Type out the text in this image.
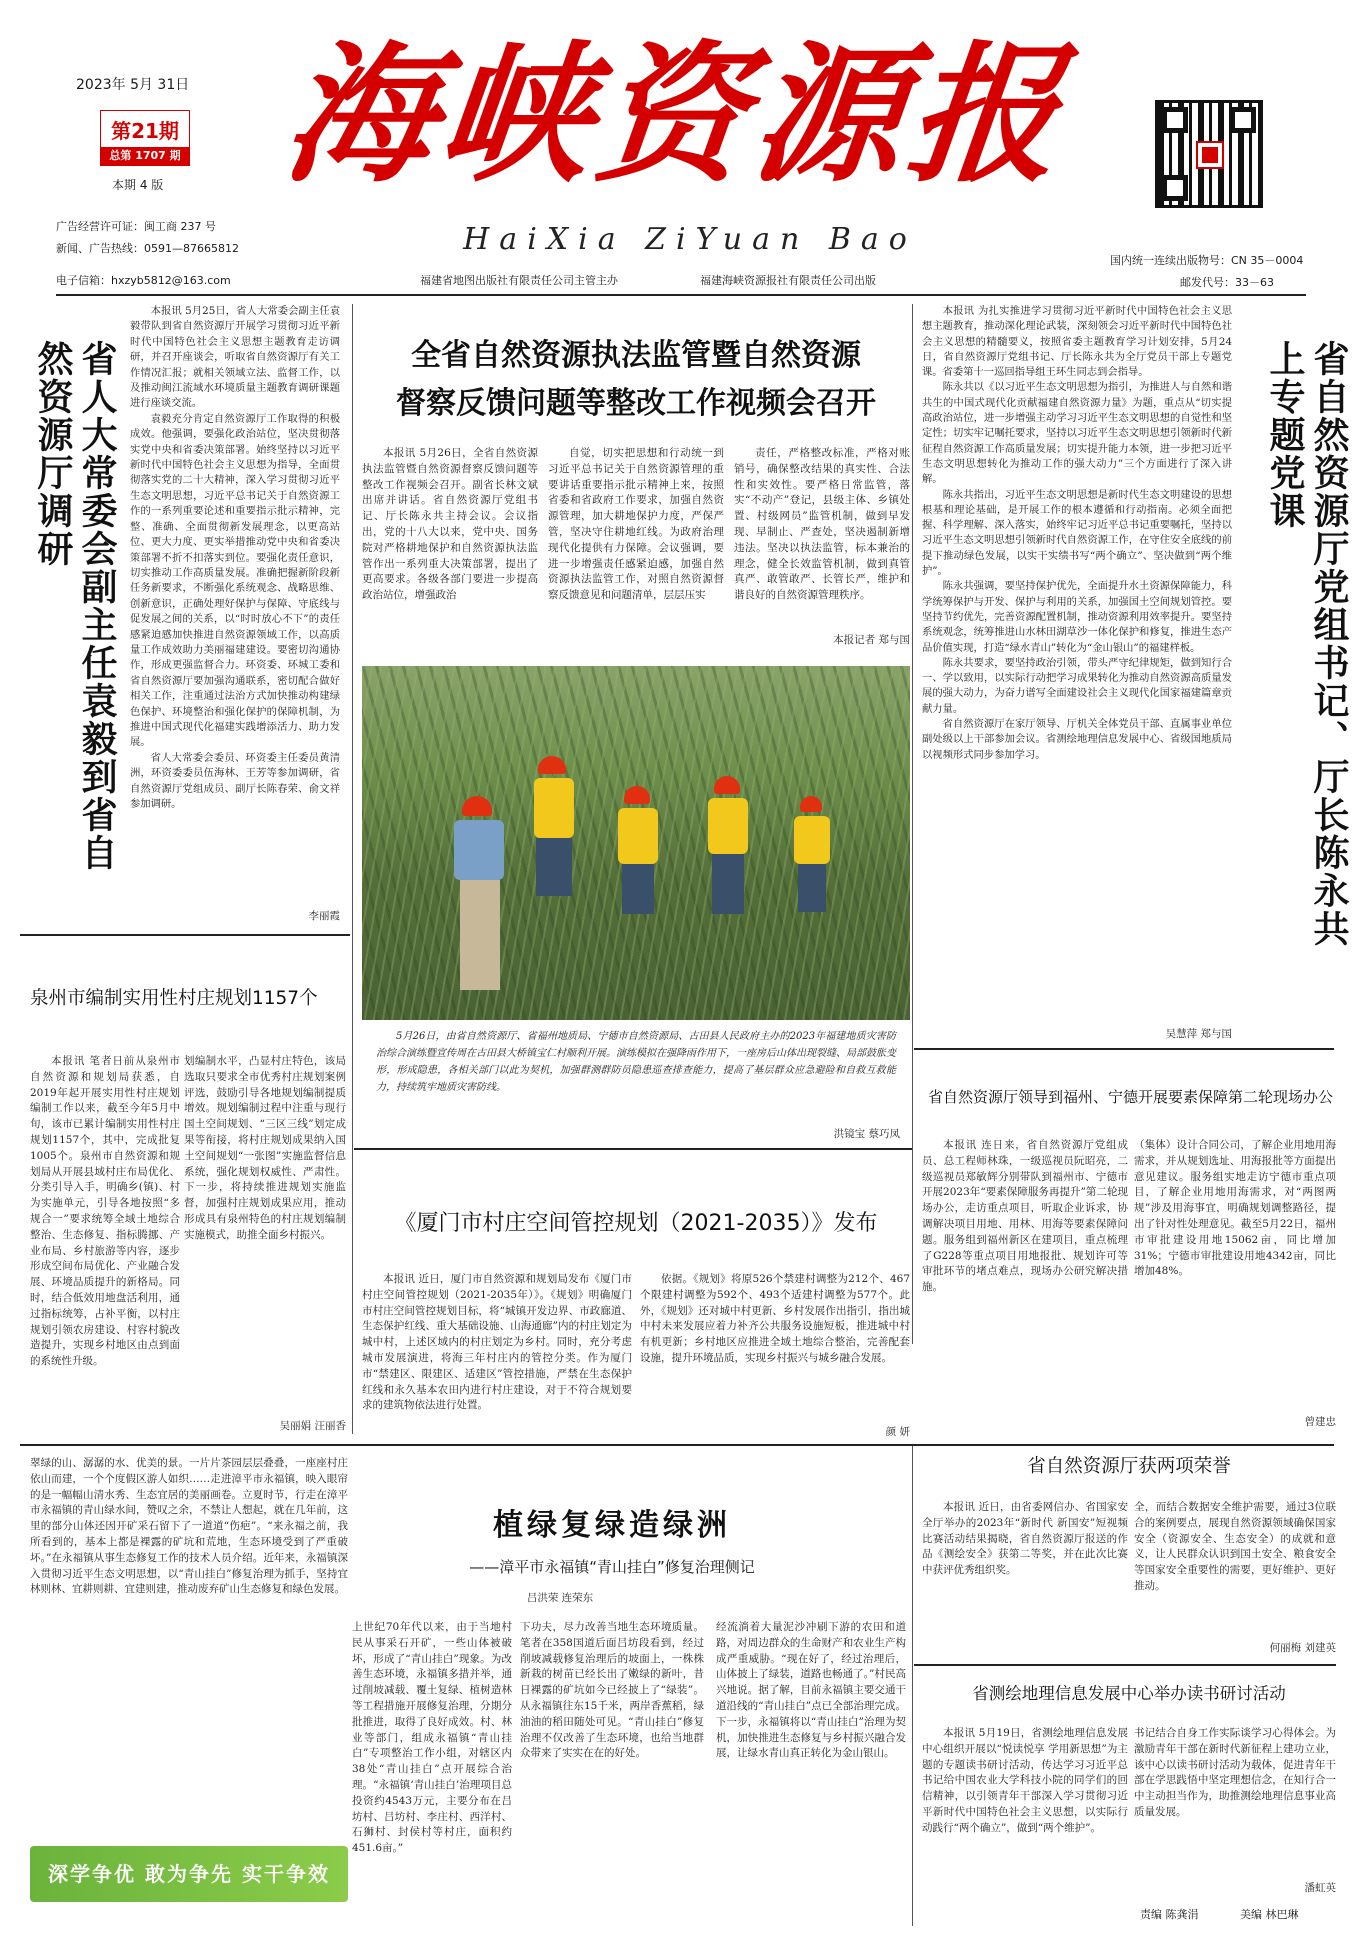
2023年 5月 31日
第21期
总第 1707 期
本期 4 版 海峡资源报
HaiXia ZiYuan Bao
广告经营许可证：闽工商 237 号
新闻、广告热线：0591—87665812
电子信箱：hxzyb5812@163.com	福建省地图出版社有限责任公司主管主办	福建海峡资源报社有限责任公司出版
国内统一连续出版物号：CN 35－0004
邮发代号：33－63
省人大常委会副主任袁毅到省自然资源厅调研

本报讯 5月25日，省人大常委会副主任袁毅带队到省自然资源厅开展学习贯彻习近平新时代中国特色社会主义思想主题教育走访调研，并召开座谈会，听取省自然资源厅有关工作情况汇报；就相关领域立法、监督工作，以及推动闽江流域水环境质量主题教育调研课题进行座谈交流。

袁毅充分肯定自然资源厅工作取得的积极成效。他强调，要强化政治站位，坚决贯彻落实党中央和省委决策部署。始终坚持以习近平新时代中国特色社会主义思想为指导，全面贯彻落实党的二十大精神，深入学习贯彻习近平生态文明思想，习近平总书记关于自然资源工作的一系列重要论述和重要指示批示精神，完整、准确、全面贯彻新发展理念，以更高站位、更大力度、更实举措推动党中央和省委决策部署不折不扣落实到位。要强化责任意识，切实推动工作高质量发展。准确把握新阶段新任务新要求，不断强化系统观念、战略思维、创新意识，正确处理好保护与保障、守底线与促发展之间的关系，以“时时放心不下”的责任感紧迫感加快推进自然资源领域工作，以高质量工作成效助力美丽福建建设。要密切沟通协作，形成更强监督合力。环资委、环城工委和省自然资源厅要加强沟通联系，密切配合做好相关工作，注重通过法治方式加快推动构建绿色保护、环境整治和强化保护的保障机制，为推进中国式现代化福建实践增添活力、助力发展。

省人大常委会委员、环资委主任委员黄清洲，环资委委员伍海林、王芳等参加调研，省自然资源厅党组成员、副厅长陈春荣、俞文祥参加调研。

李丽霞
全省自然资源执法监管暨自然资源
督察反馈问题等整改工作视频会召开
本报讯 5月26日，全省自然资源执法监管暨自然资源督察反馈问题等整改工作视频会召开。副省长林文斌出席并讲话。省自然资源厅党组书记、厅长陈永共主持会议。会议指出，党的十八大以来，党中央、国务院对严格耕地保护和自然资源执法监管作出一系列重大决策部署，提出了更高要求。各级各部门要进一步提高政治站位，增强政治
自觉，切实把思想和行动统一到习近平总书记关于自然资源管理的重要讲话重要指示批示精神上来，按照省委和省政府工作要求，加强自然资源管理，加大耕地保护力度，严保严管，坚决守住耕地红线。为政府治理现代化提供有力保障。会议强调，要进一步增强责任感紧迫感，加强自然资源执法监管工作，对照自然资源督察反馈意见和问题清单，层层压实
责任，严格整改标准，严格对账销号，确保整改结果的真实性、合法性和实效性。要严格日常监管，落实“不动产”登记，县级主体、乡镇处置、村级网员”监管机制，做到早发现、早制止、严查处，坚决遏制新增违法。坚决以执法监管，标本兼治的理念，健全长效监管机制，做到真管真严、敢管敢严、长管长严，维护和谐良好的自然资源管理秩序。
本报记者 郑与国
5月26日，由省自然资源厅、省福州地质局、宁德市自然资源局、古田县人民政府主办的2023年福建地质灾害防治综合演练暨宣传周在古田县大桥镇宝仁村顺利开展。演练模拟在强降雨作用下，一座房后山体出现裂缝、局部鼓胀变形，形成隐患，各相关部门以此为契机，加强群测群防员隐患巡查排查能力，提高了基层群众应急避险和自救互救能力，持续筑牢地质灾害防线。
洪镜宝 蔡巧凤

本报讯 为扎实推进学习贯彻习近平新时代中国特色社会主义思想主题教育，推动深化理论武装，深刻领会习近平新时代中国特色社会主义思想的精髓要义，按照省委主题教育学习计划安排，5月24日，省自然资源厅党组书记、厅长陈永共为全厅党员干部上专题党课。省委第十一巡回指导组王环生同志到会指导。

陈永共以《以习近平生态文明思想为指引，为推进人与自然和谐共生的中国式现代化贡献福建自然资源力量》为题，重点从“切实提高政治站位，进一步增强主动学习习近平生态文明思想的自觉性和坚定性；切实牢记嘱托要求，坚持以习近平生态文明思想引领新时代新征程自然资源工作高质量发展；切实提升能力本领，进一步把习近平生态文明思想转化为推动工作的强大动力”三个方面进行了深入讲解。

陈永共指出，习近平生态文明思想是新时代生态文明建设的思想根基和理论基础，是开展工作的根本遵循和行动指南。必须全面把握、科学理解、深入落实，始终牢记习近平总书记重要嘱托，坚持以习近平生态文明思想引领新时代自然资源工作，在守住安全底线的前提下推动绿色发展，以实干实绩书写“两个确立”、坚决做到“两个维护”。

陈永共强调，要坚持保护优先，全面提升水土资源保障能力，科学统筹保护与开发、保护与利用的关系，加强国土空间规划管控。要坚持节约优先，完善资源配置机制，推动资源利用效率提升。要坚持系统观念，统筹推进山水林田湖草沙一体化保护和修复，推进生态产品价值实现，打造“绿水青山”转化为“金山银山”的福建样板。

陈永共要求，要坚持政治引领，带头严守纪律规矩，做到知行合一、学以致用，以实际行动把学习成果转化为推动自然资源高质量发展的强大动力，为奋力谱写全面建设社会主义现代化国家福建篇章贡献力量。

省自然资源厅在家厅领导、厅机关全体党员干部、直属事业单位副处级以上干部参加会议。省测绘地理信息发展中心、省级国地质局以视频形式同步参加学习。

吴慧萍 郑与国
省自然资源厅党组书记、厅长陈永共上专题党课
泉州市编制实用性村庄规划1157个
本报讯 笔者日前从泉州市自然资源和规划局获悉，自2019年起开展实用性村庄规划编制工作以来，截至今年5月中旬，该市已累计编制实用性村庄规划1157个，其中，完成批复1005个。泉州市自然资源和规划局从开展县域村庄布局优化、分类引导入手，明确乡(镇)、村为实施单元，引导各地按照“多规合一”要求统筹全域土地综合整治、生态修复、指标腾挪、产业布局、乡村旅游等内容，逐步形成空间布局优化、产业融合发展、环境品质提升的新格局。同时，结合低效用地盘活利用，通过指标统筹，占补平衡，以村庄规划引领农房建设、村容村貌改造提升，实现乡村地区由点到面的系统性升级。
划编制水平，凸显村庄特色，该局选取只要求全市优秀村庄规划案例评选，鼓励引导各地规划编制提质增效。规划编制过程中注重与现行国土空间规划、“三区三线”划定成果等衔接，将村庄规划成果纳入国土空间规划“一张图”实施监督信息系统，强化规划权威性、严肃性。下一步，将持续推进规划实施监督，加强村庄规划成果应用，推动形成具有泉州特色的村庄规划编制实施模式，助推全面乡村振兴。
吴丽娟 汪丽香
《厦门市村庄空间管控规划（2021-2035）》发布
本报讯 近日，厦门市自然资源和规划局发布《厦门市村庄空间管控规划（2021-2035年）》。《规划》明确厦门市村庄空间管控规划目标，将“城镇开发边界、市政廊道、生态保护红线、重大基础设施、山海通廊”内的村庄划定为城中村，上述区域内的村庄划定为乡村。同时，充分考虑城市发展演进，将海三年村庄内的管控分类。作为厦门市“禁建区、限建区、适建区”管控措施，严禁在生态保护红线和永久基本农田内进行村庄建设，对于不符合规划要求的建筑物依法进行处置。
依据。《规划》将原526个禁建村调整为212个、467个限建村调整为592个、493个适建村调整为577个。此外，《规划》还对城中村更新、乡村发展作出指引，指出城中村未来发展应着力补齐公共服务设施短板，推进城中村有机更新；乡村地区应推进全域土地综合整治，完善配套设施，提升环境品质，实现乡村振兴与城乡融合发展。
颜 妍
省自然资源厅领导到福州、宁德开展要素保障第二轮现场办公
本报讯 连日来，省自然资源厅党组成员、总工程师林珠，一级巡视员阮昭亮，二级巡视员郑敏辉分别带队到福州市、宁德市开展2023年“要素保障服务再提升”第二轮现场办公，走访重点项目，听取企业诉求，协调解决项目用地、用林、用海等要素保障问题。服务组到福州新区在建项目，重点梳理了G228等重点项目用地报批、规划许可等审批环节的堵点难点，现场办公研究解决措施。
（集体）设计合同公司，了解企业用地用海需求，并从规划选址、用海报批等方面提出意见建议。服务组实地走访宁德市重点项目，了解企业用地用海需求，对“两图两规”涉及用海事宜，明确规划调整路径，提出了针对性处理意见。截至5月22日，福州市审批建设用地15062亩，同比增加31%；宁德市审批建设用地4342亩，同比增加48%。
曾建忠
省自然资源厅获两项荣誉
本报讯 近日，由省委网信办、省国家安全厅举办的2023年“新时代 新国安”短视频比赛活动结果揭晓，省自然资源厅报送的作品《测绘安全》获第二等奖，并在此次比赛中获评优秀组织奖。
全，而结合数据安全维护需要，通过3位联合的案例要点，展现自然资源领域确保国家安全（资源安全、生态安全）的成就和意义，让人民群众认识到国土安全、粮食安全等国家安全重要性的需要，更好维护、更好推动。
何丽梅 刘建英
植绿复绿造绿洲
——漳平市永福镇“青山挂白”修复治理侧记
吕洪荣 连荣东
翠绿的山、潺潺的水、优美的景。一片片茶园层层叠叠，一座座村庄依山而建，一个个度假区游人如织……走进漳平市永福镇，映入眼帘的是一幅幅山清水秀、生态宜居的美丽画卷。立夏时节，行走在漳平市永福镇的青山绿水间，赞叹之余，不禁让人想起，就在几年前，这里的部分山体还因开矿采石留下了一道道“伤疤”。“来永福之前，我所看到的，基本上都是裸露的矿坑和荒地，生态环境受到了严重破坏。”在永福镇从事生态修复工作的技术人员介绍。近年来，永福镇深入贯彻习近平生态文明思想，以“青山挂白”修复治理为抓手，坚持宜林则林、宜耕则耕、宜建则建，推动废弃矿山生态修复和绿色发展。
下功夫，尽力改善当地生态环境质量。笔者在358国道后面吕坊段看到，经过削坡减载修复治理后的坡面上，一株株新栽的树苗已经长出了嫩绿的新叶，昔日裸露的矿坑如今已经披上了“绿装”。从永福镇往东15千米，两岸香蕉稻，绿油油的稻田随处可见。“青山挂白”修复治理不仅改善了生态环境，也给当地群众带来了实实在在的好处。
经流淌着大量泥沙冲刷下游的农田和道路，对周边群众的生命财产和农业生产构成严重威胁。“现在好了，经过治理后，山体披上了绿装，道路也畅通了。”村民高兴地说。据了解，目前永福镇主要交通干道沿线的“青山挂白”点已全部治理完成。下一步，永福镇将以“青山挂白”治理为契机，加快推进生态修复与乡村振兴融合发展，让绿水青山真正转化为金山银山。
上世纪70年代以来，由于当地村民从事采石开矿，一些山体被破坏，形成了“青山挂白”现象。为改善生态环境，永福镇多措并举，通过削坡减载、覆土复绿、植树造林等工程措施开展修复治理，分期分批推进，取得了良好成效。村、林业等部门，组成永福镇“青山挂白”专项整治工作小组，对辖区内38处“青山挂白”点开展综合治理。“永福镇‘青山挂白’治理项目总投资约4543万元，主要分布在吕坊村、吕坊村、李庄村、西洋村、石狮村、封侯村等村庄，面积约451.6亩。”
深学争优 敢为争先 实干争效
省测绘地理信息发展中心举办读书研讨活动
本报讯 5月19日，省测绘地理信息发展中心组织开展以“悦读悦享 学用新思想”为主题的专题读书研讨活动，传达学习习近平总书记给中国农业大学科技小院的同学们的回信精神，以引领青年干部深入学习贯彻习近平新时代中国特色社会主义思想，以实际行动践行“两个确立”，做到“两个维护”。
书记结合自身工作实际谈学习心得体会。为激励青年干部在新时代新征程上建功立业，该中心以读书研讨活动为载体，促进青年干部在学思践悟中坚定理想信念，在知行合一中主动担当作为，助推测绘地理信息事业高质量发展。
潘虹英
责编 陈龚涓	美编 林巴琳
